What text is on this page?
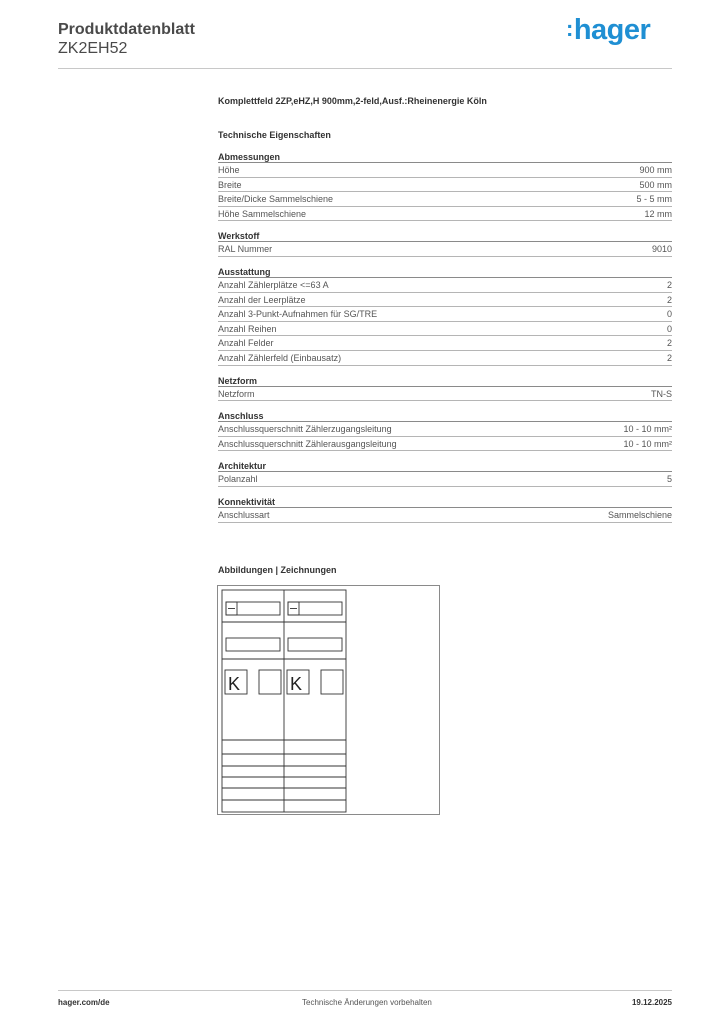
Produktdatenblatt
ZK2EH52
:hager
Komplettfeld 2ZP,eHZ,H 900mm,2-feld,Ausf.:Rheinenergie Köln
Technische Eigenschaften
Abmessungen
Höhe	900 mm
Breite	500 mm
Breite/Dicke Sammelschiene	5 - 5 mm
Höhe Sammelschiene	12 mm
Werkstoff
RAL Nummer	9010
Ausstattung
Anzahl Zählerplätze <=63 A	2
Anzahl der Leerplätze	2
Anzahl 3-Punkt-Aufnahmen für SG/TRE	0
Anzahl Reihen	0
Anzahl Felder	2
Anzahl Zählerfeld (Einbausatz)	2
Netzform
Netzform	TN-S
Anschluss
Anschlussquerschnitt Zählerzugangsleitung	10 - 10 mm²
Anschlussquerschnitt Zählerausgangsleitung	10 - 10 mm²
Architektur
Polanzahl	5
Konnektivität
Anschlussart	Sammelschiene
Abbildungen | Zeichnungen
K	K
hager.com/de	Technische Änderungen vorbehalten	19.12.2025
